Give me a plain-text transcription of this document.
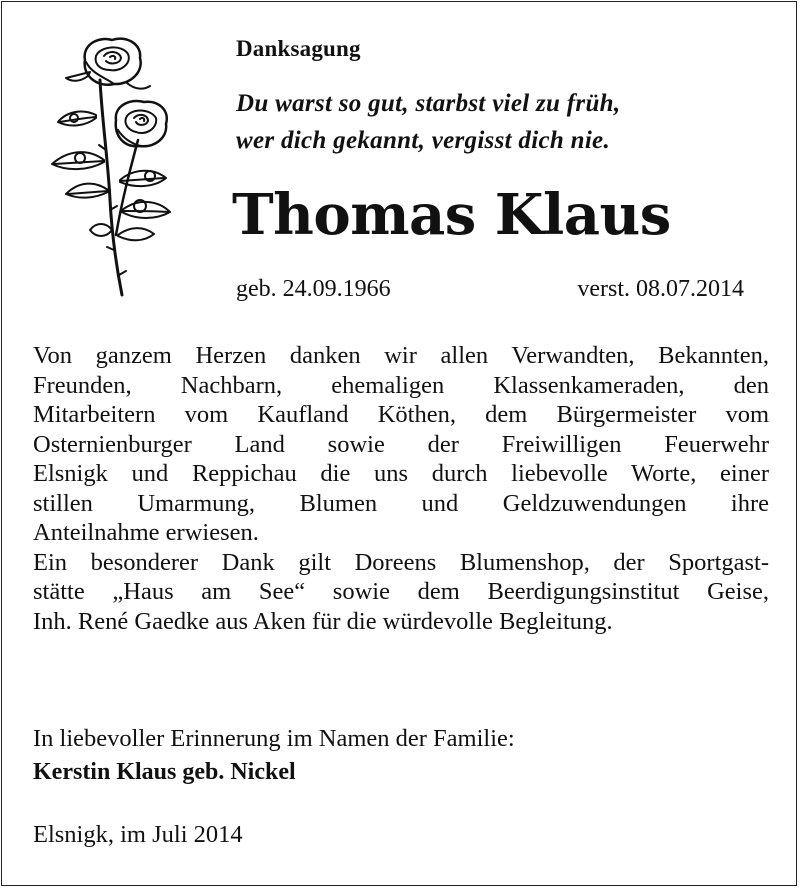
Danksagung
Du warst so gut, starbst viel zu früh,
wer dich gekannt, vergisst dich nie.
Thomas Klaus
geb. 24.09.1966	verst. 08.07.2014
Von ganzem Herzen danken wir allen Verwandten, Bekannten,
Freunden, Nachbarn, ehemaligen Klassenkameraden, den
Mitarbeitern vom Kaufland Köthen, dem Bürgermeister vom
Osternienburger Land sowie der Freiwilligen Feuerwehr
Elsnigk und Reppichau die uns durch liebevolle Worte, einer
stillen Umarmung, Blumen und Geldzuwendungen ihre
Anteilnahme erwiesen.
Ein besonderer Dank gilt Doreens Blumenshop, der Sportgast-
stätte „Haus am See“ sowie dem Beerdigungsinstitut Geise,
Inh. René Gaedke aus Aken für die würdevolle Begleitung.
In liebevoller Erinnerung im Namen der Familie:
Kerstin Klaus geb. Nickel
Elsnigk, im Juli 2014
